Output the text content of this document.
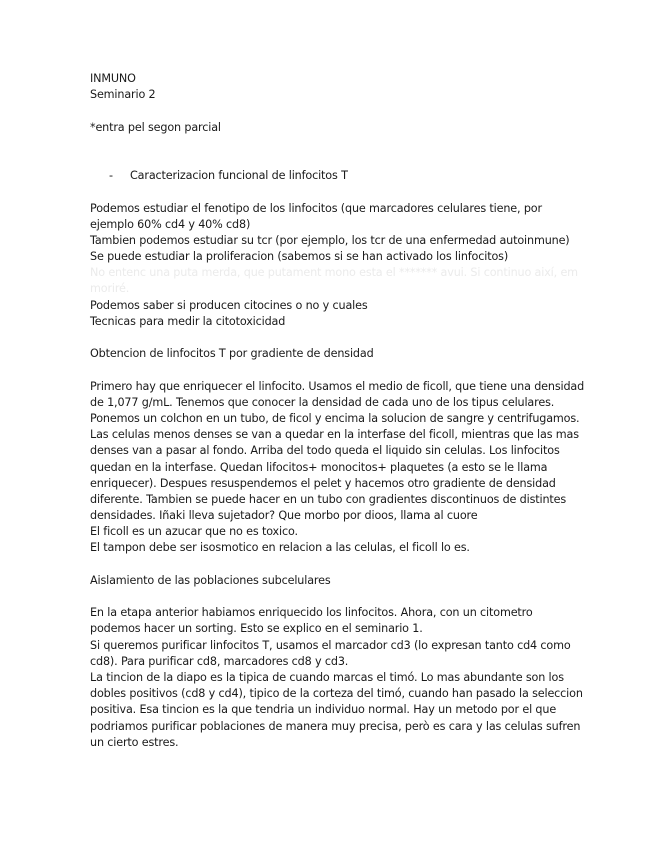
INMUNO
Seminario 2
*entra pel segon parcial
-	Caracterizacion funcional de linfocitos T
Podemos estudiar el fenotipo de los linfocitos (que marcadores celulares tiene, por
ejemplo 60% cd4 y 40% cd8)
Tambien podemos estudiar su tcr (por ejemplo, los tcr de una enfermedad autoinmune)
Se puede estudiar la proliferacion (sabemos si se han activado los linfocitos)
No entenc una puta merda, que putament mono esta el ******* avui. Si continuo així, em
moriré.
Podemos saber si producen citocines o no y cuales
Tecnicas para medir la citotoxicidad
Obtencion de linfocitos T por gradiente de densidad
Primero hay que enriquecer el linfocito. Usamos el medio de ficoll, que tiene una densidad
de 1,077 g/mL. Tenemos que conocer la densidad de cada uno de los tipus celulares.
Ponemos un colchon en un tubo, de ficol y encima la solucion de sangre y centrifugamos.
Las celulas menos denses se van a quedar en la interfase del ficoll, mientras que las mas
denses van a pasar al fondo. Arriba del todo queda el liquido sin celulas. Los linfocitos
quedan en la interfase. Quedan lifocitos+ monocitos+ plaquetes (a esto se le llama
enriquecer). Despues resuspendemos el pelet y hacemos otro gradiente de densidad
diferente. Tambien se puede hacer en un tubo con gradientes discontinuos de distintes
densidades. Iñaki lleva sujetador? Que morbo por dioos, llama al cuore
El ficoll es un azucar que no es toxico.
El tampon debe ser isosmotico en relacion a las celulas, el ficoll lo es.
Aislamiento de las poblaciones subcelulares
En la etapa anterior habiamos enriquecido los linfocitos. Ahora, con un citometro
podemos hacer un sorting. Esto se explico en el seminario 1.
Si queremos purificar linfocitos T, usamos el marcador cd3 (lo expresan tanto cd4 como
cd8). Para purificar cd8, marcadores cd8 y cd3.
La tincion de la diapo es la tipica de cuando marcas el timó. Lo mas abundante son los
dobles positivos (cd8 y cd4), tipico de la corteza del timó, cuando han pasado la seleccion
positiva. Esa tincion es la que tendria un individuo normal. Hay un metodo por el que
podriamos purificar poblaciones de manera muy precisa, però es cara y las celulas sufren
un cierto estres.
